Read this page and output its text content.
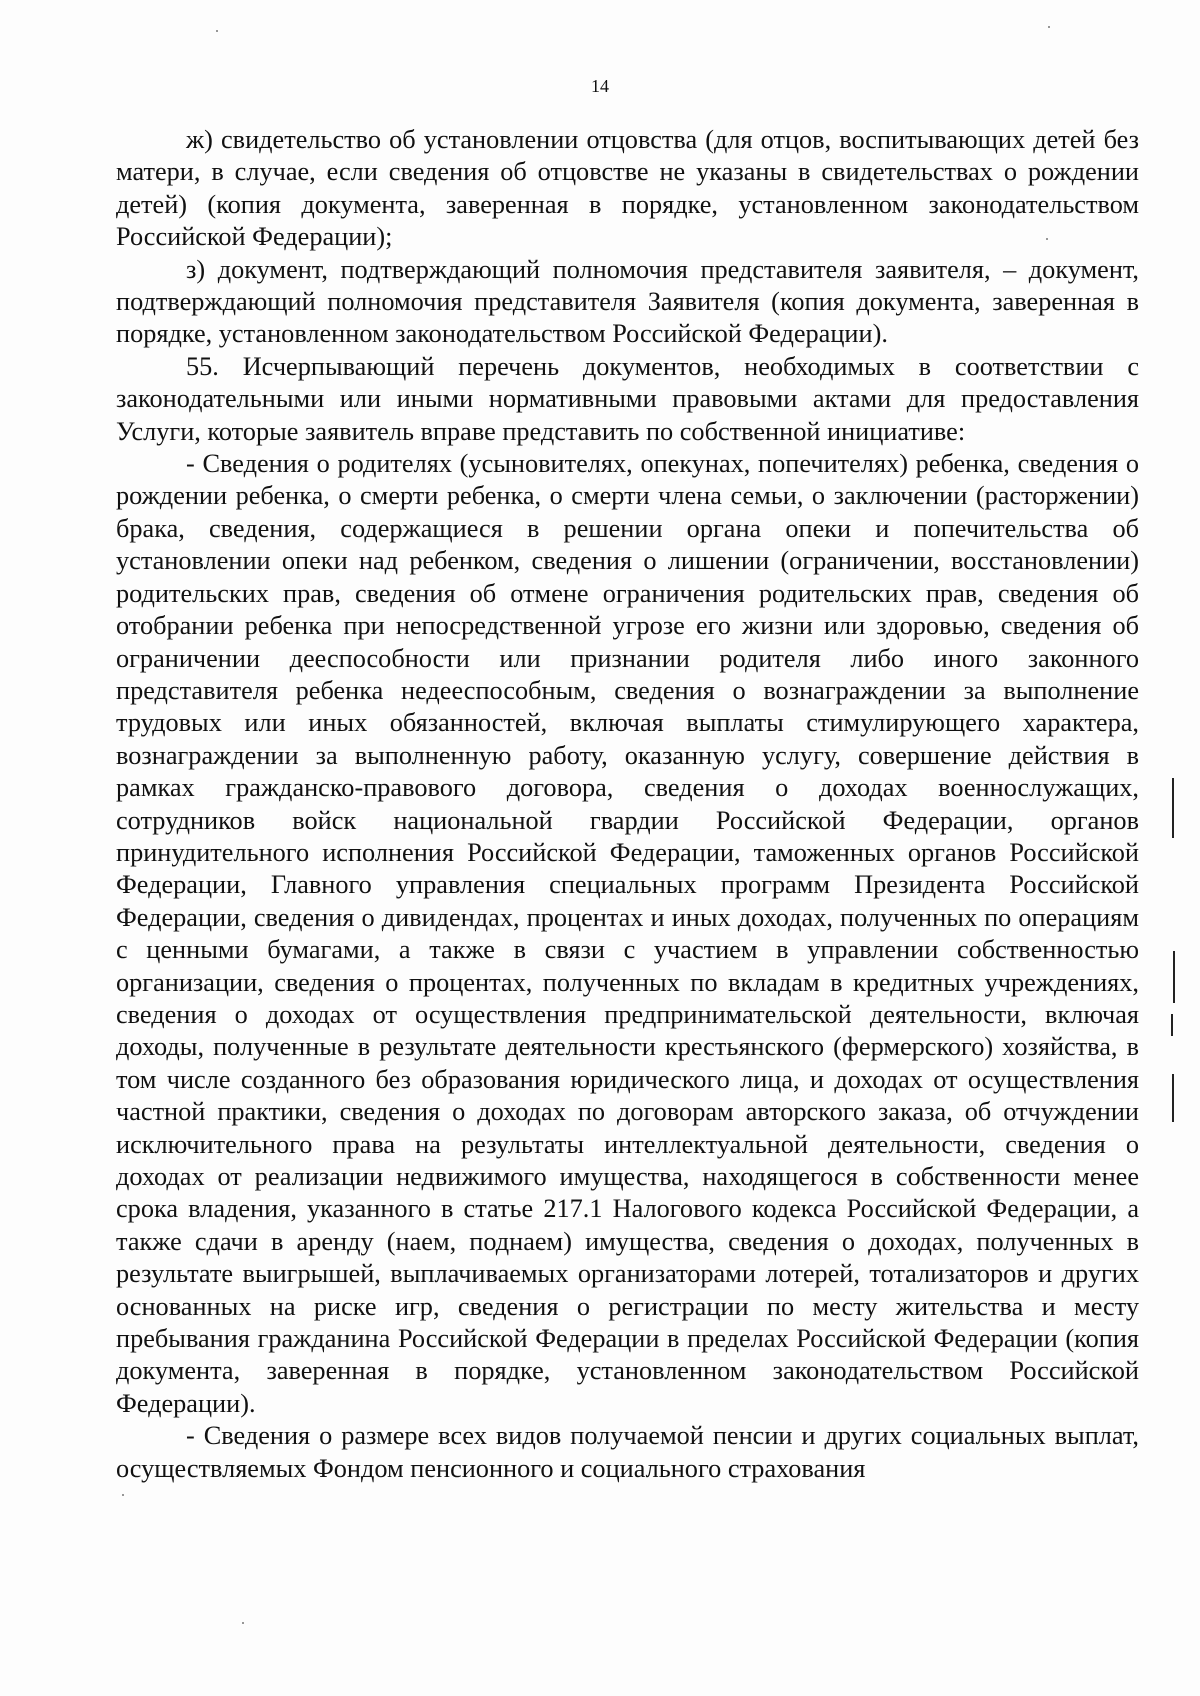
14

ж) свидетельство об установлении отцовства (для отцов, воспитывающих детей без матери, в случае, если сведения об отцовстве не указаны в свидетельствах о рождении детей) (копия документа, заверенная в порядке, установленном законодательством Российской Федерации);

з) документ, подтверждающий полномочия представителя заявителя, – документ, подтверждающий полномочия представителя Заявителя (копия документа, заверенная в порядке, установленном законодательством Российской Федерации).

55. Исчерпывающий перечень документов, необходимых в соответствии с законодательными или иными нормативными правовыми актами для предоставления Услуги, которые заявитель вправе представить по собственной инициативе:

- Сведения о родителях (усыновителях, опекунах, попечителях) ребенка, сведения о рождении ребенка, о смерти ребенка, о смерти члена семьи, о заключении (расторжении) брака, сведения, содержащиеся в решении органа опеки и попечительства об установлении опеки над ребенком, сведения о лишении (ограничении, восстановлении) родительских прав, сведения об отмене ограничения родительских прав, сведения об отобрании ребенка при непосредственной угрозе его жизни или здоровью, сведения об ограничении дееспособности или признании родителя либо иного законного представителя ребенка недееспособным, сведения о вознаграждении за выполнение трудовых или иных обязанностей, включая выплаты стимулирующего характера, вознаграждении за выполненную работу, оказанную услугу, совершение действия в рамках гражданско-правового договора, сведения о доходах военнослужащих, сотрудников войск национальной гвардии Российской Федерации, органов принудительного исполнения Российской Федерации, таможенных органов Российской Федерации, Главного управления специальных программ Президента Российской Федерации, сведения о дивидендах, процентах и иных доходах, полученных по операциям с ценными бумагами, а также в связи с участием в управлении собственностью организации, сведения о процентах, полученных по вкладам в кредитных учреждениях, сведения о доходах от осуществления предпринимательской деятельности, включая доходы, полученные в результате деятельности крестьянского (фермерского) хозяйства, в том числе созданного без образования юридического лица, и доходах от осуществления частной практики, сведения о доходах по договорам авторского заказа, об отчуждении исключительного права на результаты интеллектуальной деятельности, сведения о доходах от реализации недвижимого имущества, находящегося в собственности менее срока владения, указанного в статье 217.1 Налогового кодекса Российской Федерации, а также сдачи в аренду (наем, поднаем) имущества, сведения о доходах, полученных в результате выигрышей, выплачиваемых организаторами лотерей, тотализаторов и других основанных на риске игр, сведения о регистрации по месту жительства и месту пребывания гражданина Российской Федерации в пределах Российской Федерации (копия документа, заверенная в порядке, установленном законодательством Российской Федерации).

- Сведения о размере всех видов получаемой пенсии и других социальных выплат, осуществляемых Фондом пенсионного и социального страхования
